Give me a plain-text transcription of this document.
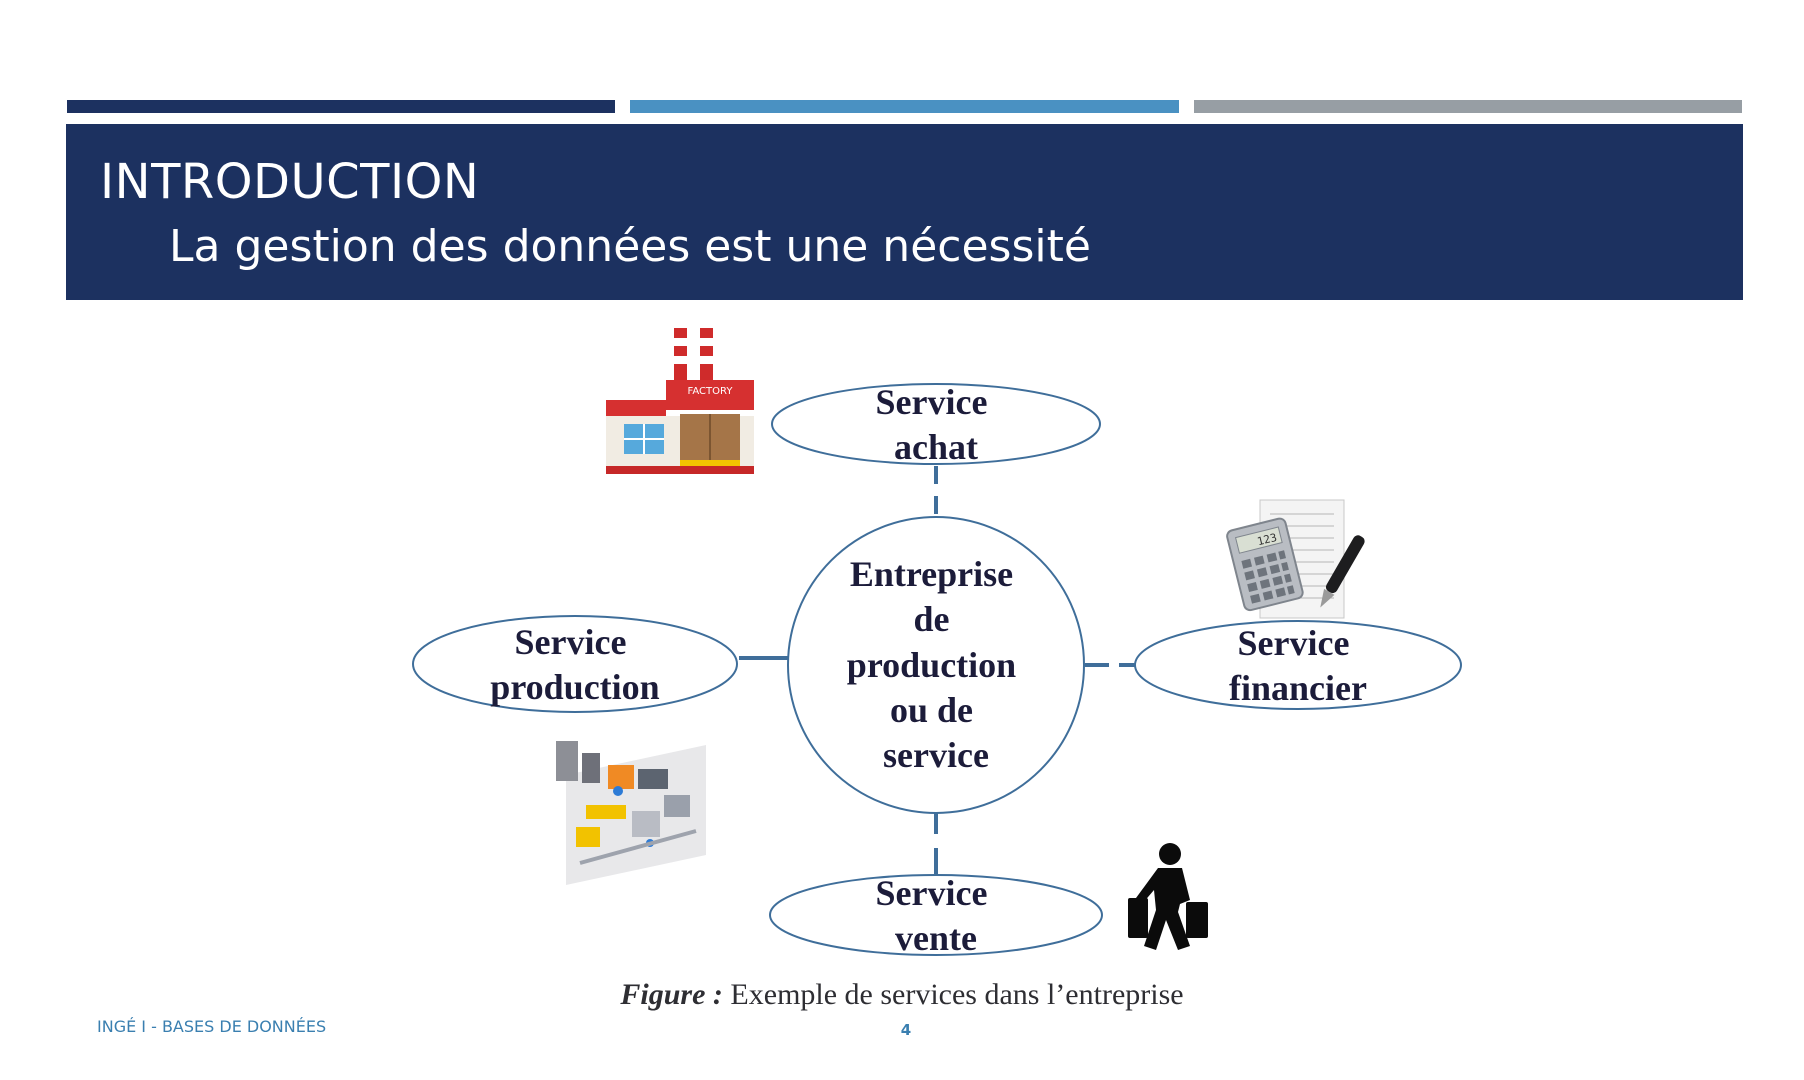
INTRODUCTION
La gestion des données est une nécessité
Entreprise de production ou de service
Service achat
Service production
Service financier
Service vente
FACTORY
123
Figure : Exemple de services dans l’entreprise
INGÉ I - BASES DE DONNÉES	4
